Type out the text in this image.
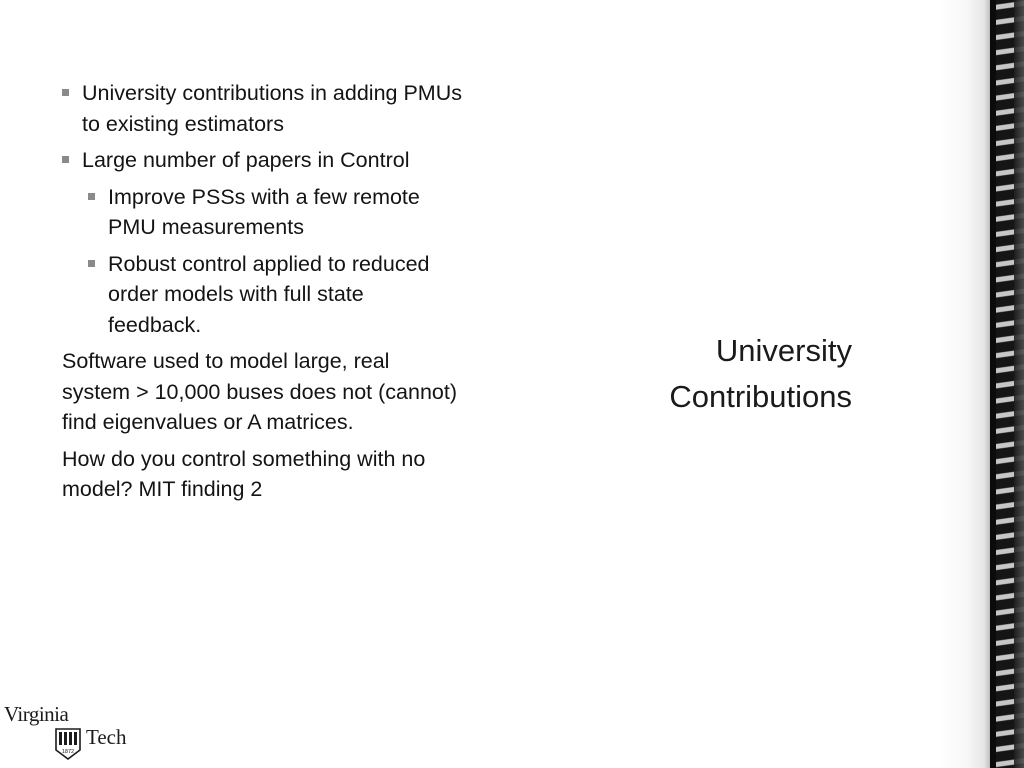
University contributions in adding PMUs to existing estimators
Large number of papers in Control
Improve PSSs with a few remote PMU measurements
Robust control applied to reduced order models with full state feedback.
Software used to model large, real system > 10,000 buses does not (cannot) find eigenvalues or A matrices.
How do you control something with no model? MIT finding 2
University
Contributions
Virginia
1872
Tech
